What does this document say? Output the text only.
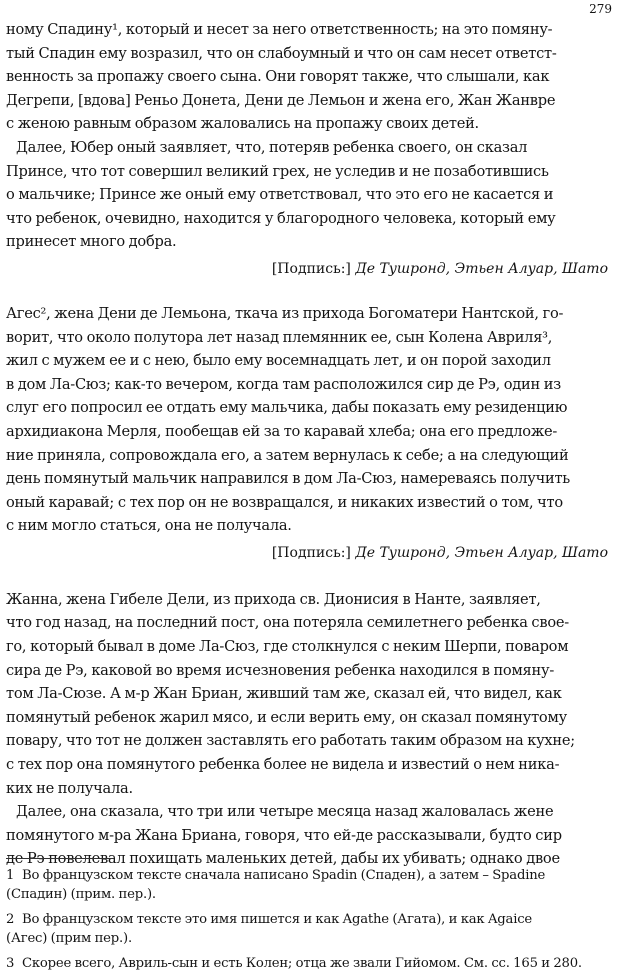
279
ному Спадину¹, который и несет за него ответственность; на это помяну-
тый Спадин ему возразил, что он слабоумный и что он сам несет ответст-
венность за пропажу своего сына. Они говорят также, что слышали, как
Дегрепи, [вдова] Реньо Донета, Дени де Лемьон и жена его, Жан Жанвре
с женою равным образом жаловались на пропажу своих детей.
Далее, Юбер оный заявляет, что, потеряв ребенка своего, он сказал
Принсе, что тот совершил великий грех, не уследив и не позаботившись
о мальчике; Принсе же оный ему ответствовал, что это его не касается и
что ребенок, очевидно, находится у благородного человека, который ему
принесет много добра.
[Подпись:] Де Тушронд, Этьен Алуар, Шато
Агес², жена Дени де Лемьона, ткача из прихода Богоматери Нантской, го-
ворит, что около полутора лет назад племянник ее, сын Колена Авриля³,
жил с мужем ее и с нею, было ему восемнадцать лет, и он порой заходил
в дом Ла-Сюз; как-то вечером, когда там расположился сир де Рэ, один из
слуг его попросил ее отдать ему мальчика, дабы показать ему резиденцию
архидиакона Мерля, пообещав ей за то каравай хлеба; она его предложе-
ние приняла, сопровождала его, а затем вернулась к себе; а на следующий
день помянутый мальчик направился в дом Ла-Сюз, намереваясь получить
оный каравай; с тех пор он не возвращался, и никаких известий о том, что
с ним могло статься, она не получала.
[Подпись:] Де Тушронд, Этьен Алуар, Шато
Жанна, жена Гибеле Дели, из прихода св. Дионисия в Нанте, заявляет,
что год назад, на последний пост, она потеряла семилетнего ребенка свое-
го, который бывал в доме Ла-Сюз, где столкнулся с неким Шерпи, поваром
сира де Рэ, каковой во время исчезновения ребенка находился в помяну-
том Ла-Сюзе. А м-р Жан Бриан, живший там же, сказал ей, что видел, как
помянутый ребенок жарил мясо, и если верить ему, он сказал помянутому
повару, что тот не должен заставлять его работать таким образом на кухне;
с тех пор она помянутого ребенка более не видела и известий о нем ника-
ких не получала.
Далее, она сказала, что три или четыре месяца назад жаловалась жене
помянутого м-ра Жана Бриана, говоря, что ей-де рассказывали, будто сир
де Рэ повелевал похищать маленьких детей, дабы их убивать; однако двое
1 Во французском тексте сначала написано Spadin (Спаден), а затем – Spadine
(Спадин) (прим. пер.).
2 Во французском тексте это имя пишется и как Agathe (Агата), и как Agaice
(Агес) (прим пер.).
3 Скорее всего, Авриль-сын и есть Колен; отца же звали Гийомом. См. сс. 165 и 280.
